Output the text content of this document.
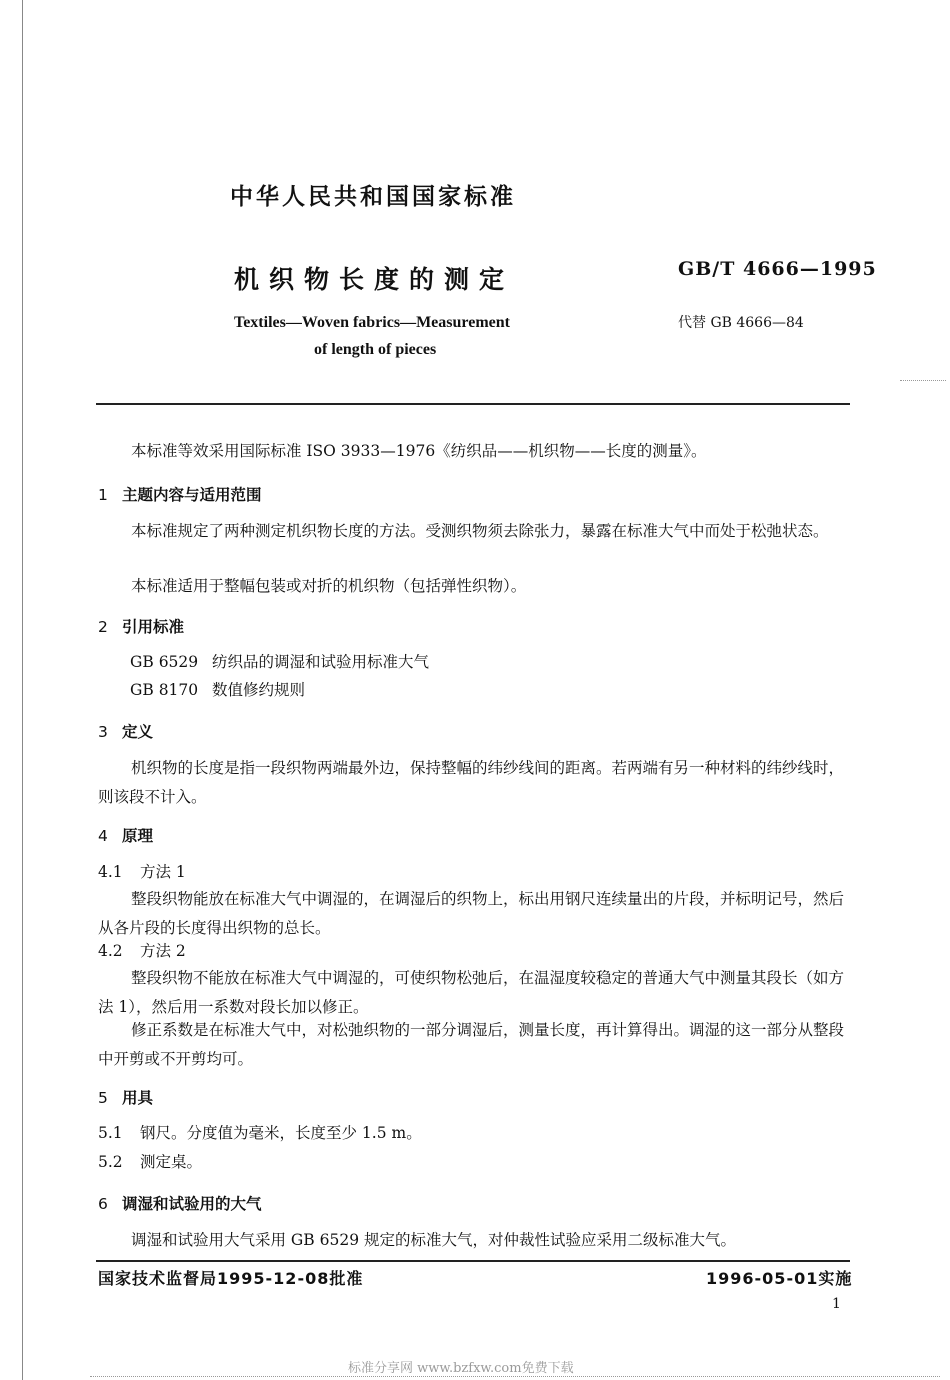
中华人民共和国国家标准
机织物长度的测定	GB/T 4666—1995
代替 GB 4666—84
Textiles—Woven fabrics—Measurement
of length of pieces
本标准等效采用国际标准 ISO 3933—1976《纺织品——机织物——长度的测量》。
1 主题内容与适用范围
本标准规定了两种测定机织物长度的方法。受测织物须去除张力，暴露在标准大气中而处于松弛状态。
本标准适用于整幅包装或对折的机织物（包括弹性织物）。
2 引用标准
GB 6529 纺织品的调湿和试验用标准大气
GB 8170 数值修约规则
3 定义
机织物的长度是指一段织物两端最外边，保持整幅的纬纱线间的距离。若两端有另一种材料的纬纱线时，则该段不计入。
4 原理
4.1 方法 1
整段织物能放在标准大气中调湿的，在调湿后的织物上，标出用钢尺连续量出的片段，并标明记号，然后从各片段的长度得出织物的总长。
4.2 方法 2
整段织物不能放在标准大气中调湿的，可使织物松弛后，在温湿度较稳定的普通大气中测量其段长（如方法 1），然后用一系数对段长加以修正。
修正系数是在标准大气中，对松弛织物的一部分调湿后，测量长度，再计算得出。调湿的这一部分从整段中开剪或不开剪均可。
5 用具
5.1 钢尺。分度值为毫米，长度至少 1.5 m。
5.2 测定桌。
6 调湿和试验用的大气
调湿和试验用大气采用 GB 6529 规定的标准大气，对仲裁性试验应采用二级标准大气。
国家技术监督局1995-12-08批准	1996-05-01实施
1
标准分享网 www.bzfxw.com免费下载
